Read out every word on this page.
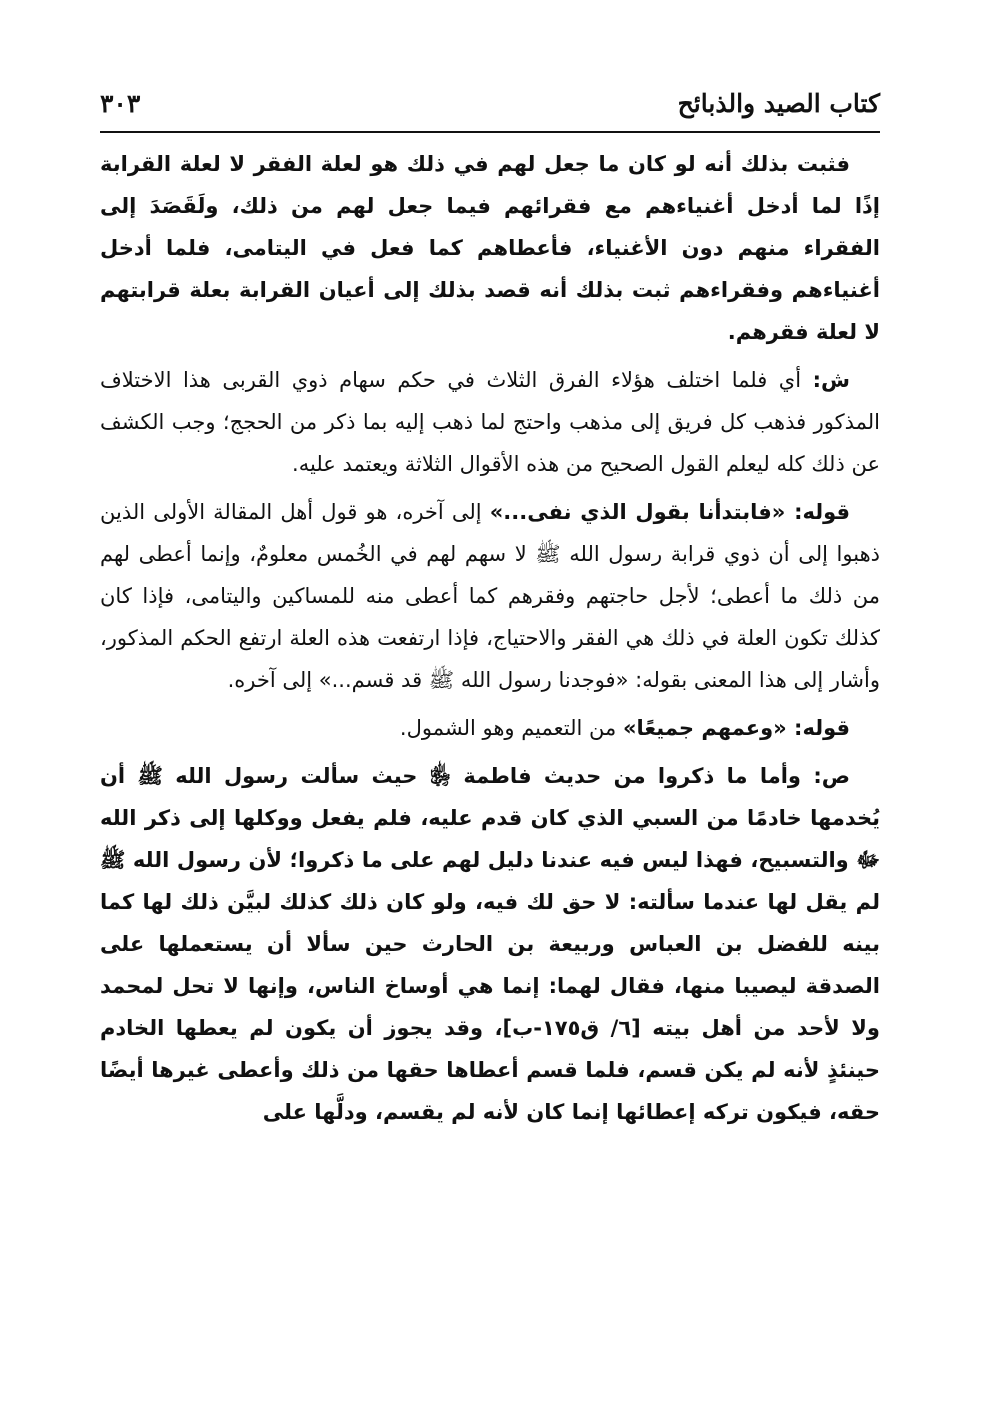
كتاب الصيد والذبائح
٣٠٣

فثبت بذلك أنه لو كان ما جعل لهم في ذلك هو لعلة الفقر لا لعلة القرابة إذًا لما أدخل أغنياءهم مع فقرائهم فيما جعل لهم من ذلك، ولَقَصَدَ إلى الفقراء منهم دون الأغنياء، فأعطاهم كما فعل في اليتامى، فلما أدخل أغنياءهم وفقراءهم ثبت بذلك أنه قصد بذلك إلى أعيان القرابة بعلة قرابتهم لا لعلة فقرهم.

ش: أي فلما اختلف هؤلاء الفرق الثلاث في حكم سهام ذوي القربى هذا الاختلاف المذكور فذهب كل فريق إلى مذهب واحتج لما ذهب إليه بما ذكر من الحجج؛ وجب الكشف عن ذلك كله ليعلم القول الصحيح من هذه الأقوال الثلاثة ويعتمد عليه.

قوله: «فابتدأنا بقول الذي نفى...» إلى آخره، هو قول أهل المقالة الأولى الذين ذهبوا إلى أن ذوي قرابة رسول الله ﷺ لا سهم لهم في الخُمس معلومٌ، وإنما أعطى لهم من ذلك ما أعطى؛ لأجل حاجتهم وفقرهم كما أعطى منه للمساكين واليتامى، فإذا كان كذلك تكون العلة في ذلك هي الفقر والاحتياج، فإذا ارتفعت هذه العلة ارتفع الحكم المذكور، وأشار إلى هذا المعنى بقوله: «فوجدنا رسول الله ﷺ قد قسم...» إلى آخره.

قوله: «وعمهم جميعًا» من التعميم وهو الشمول.

ص: وأما ما ذكروا من حديث فاطمة ﵂ حيث سألت رسول الله ﷺ أن يُخدمها خادمًا من السبي الذي كان قدم عليه، فلم يفعل ووكلها إلى ذكر الله ﷻ والتسبيح، فهذا ليس فيه عندنا دليل لهم على ما ذكروا؛ لأن رسول الله ﷺ لم يقل لها عندما سألته: لا حق لك فيه، ولو كان ذلك كذلك لبيَّن ذلك لها كما بينه للفضل بن العباس وربيعة بن الحارث حين سألا أن يستعملها على الصدقة ليصيبا منها، فقال لهما: إنما هي أوساخ الناس، وإنها لا تحل لمحمد ولا لأحد من أهل بيته [٦/ ق١٧٥-ب]، وقد يجوز أن يكون لم يعطها الخادم حينئذٍ لأنه لم يكن قسم، فلما قسم أعطاها حقها من ذلك وأعطى غيرها أيضًا حقه، فيكون تركه إعطائها إنما كان لأنه لم يقسم، ودلَّها على
